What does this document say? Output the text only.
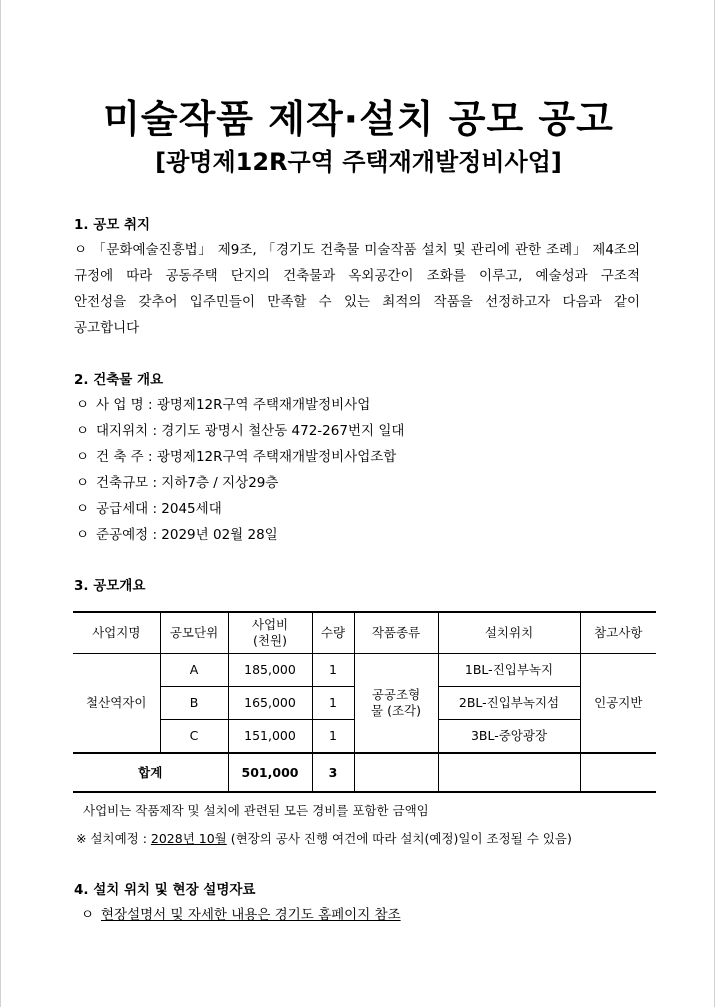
미술작품 제작·설치 공모 공고
[광명제12R구역 주택재개발정비사업]
1. 공모 취지
ㅇ 「문화예술진흥법」 제9조, 「경기도 건축물 미술작품 설치 및 관리에 관한 조례」 제4조의
규정에 따라 공동주택 단지의 건축물과 옥외공간이 조화를 이루고, 예술성과 구조적
안전성을 갖추어 입주민들이 만족할 수 있는 최적의 작품을 선정하고자 다음과 같이
공고합니다
2. 건축물 개요
ㅇ 사 업 명 : 광명제12R구역 주택재개발정비사업
ㅇ 대지위치 : 경기도 광명시 철산동 472-267번지 일대
ㅇ 건 축 주 : 광명제12R구역 주택재개발정비사업조합
ㅇ 건축규모 : 지하7층 / 지상29층
ㅇ 공급세대 : 2045세대
ㅇ 준공예정 : 2029년 02월 28일
3. 공모개요
사업지명	공모단위	사업비 (천원)	수량	작품종류	설치위치	참고사항
철산역자이	A	185,000	1	공공조형물 (조각)	1BL-진입부녹지	인공지반
	B	165,000	1		2BL-진입부녹지섬	
	C	151,000	1		3BL-중앙광장	
합계		501,000	3			
사업비는 작품제작 및 설치에 관련된 모든 경비를 포함한 금액임
※ 설치예정 : 2028년 10월 (현장의 공사 진행 여건에 따라 설치(예정)일이 조정될 수 있음)
4. 설치 위치 및 현장 설명자료
ㅇ 현장설명서 및 자세한 내용은 경기도 홈페이지 참조
